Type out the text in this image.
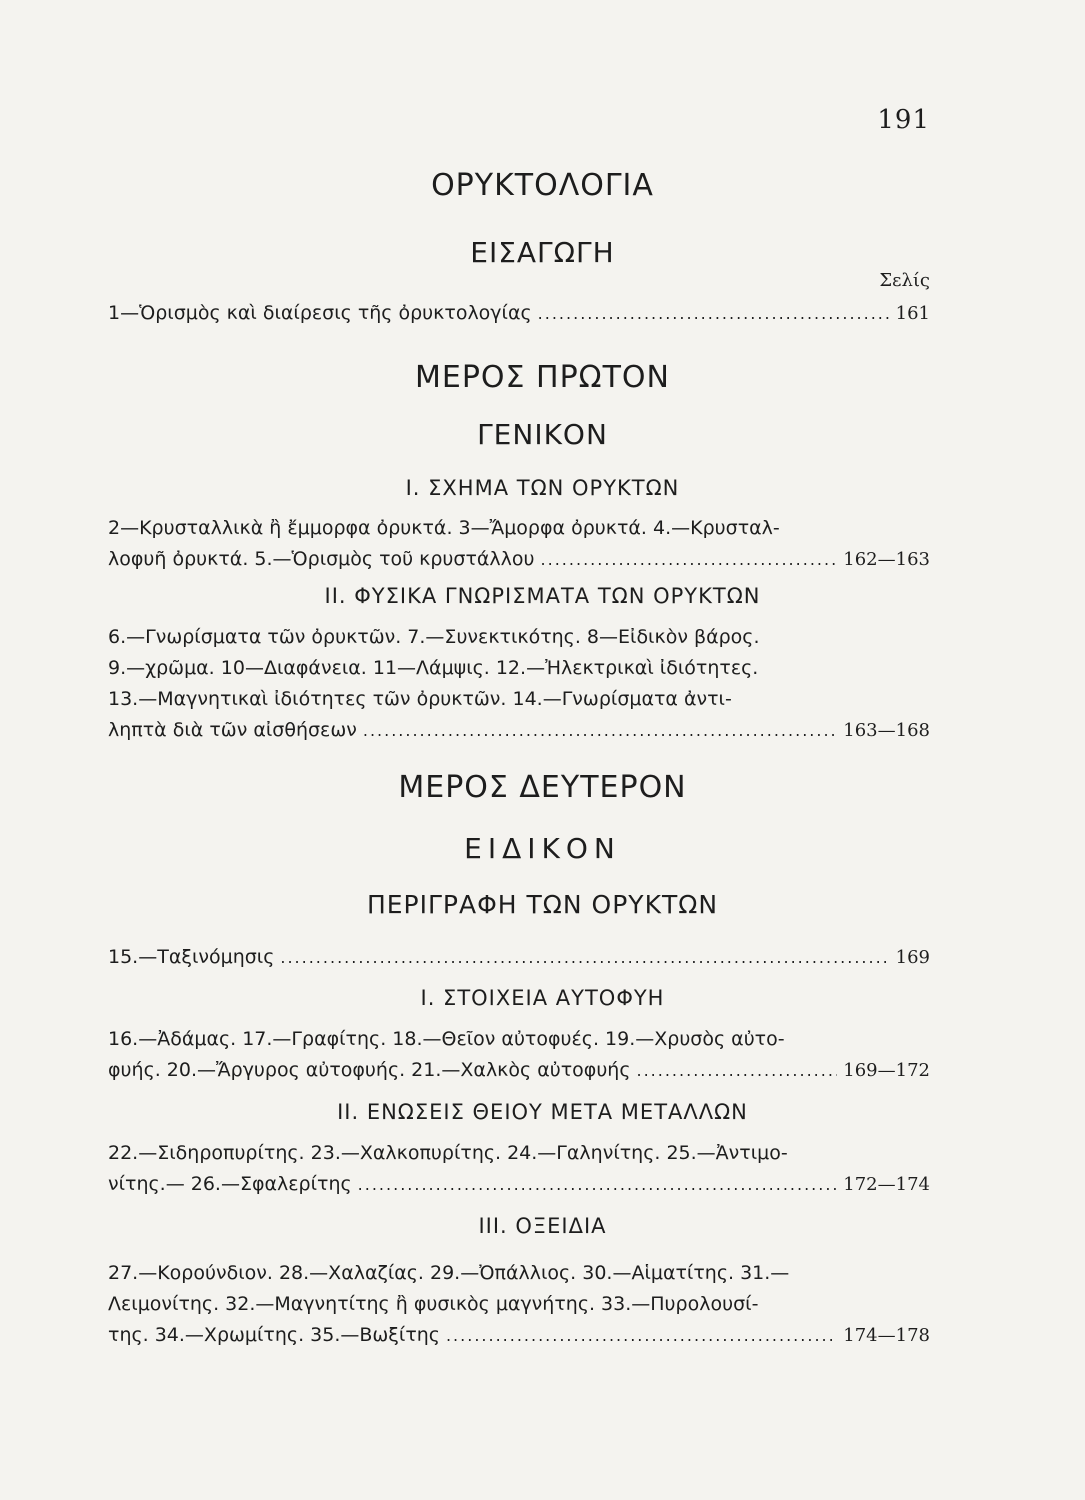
191
ΟΡΥΚΤΟΛΟΓΙΑ
ΕΙΣΑΓΩΓΗ
Σελίς
1—Ὁρισμὸς καὶ διαίρεσις τῆς ὀρυκτολογίας .....	161
ΜΕΡΟΣ ΠΡΩΤΟΝ
ΓΕΝΙΚΟΝ
I. ΣΧΗΜΑ ΤΩΝ ΟΡΥΚΤΩΝ
2—Κρυσταλλικὰ ἢ ἔμμορφα ὀρυκτά. 3—Ἄμορφα ὀρυκτά. 4.—Κρυσταλ-
λοφυῆ ὀρυκτά. 5.—Ὁρισμὸς τοῦ κρυστάλλου .....	162—163
II. ΦΥΣΙΚΑ ΓΝΩΡΙΣΜΑΤΑ ΤΩΝ ΟΡΥΚΤΩΝ
6.—Γνωρίσματα τῶν ὀρυκτῶν. 7.—Συνεκτικότης. 8—Εἰδικὸν βάρος.
9.—χρῶμα. 10—Διαφάνεια. 11—Λάμψις. 12.—Ἠλεκτρικαὶ ἰδιότητες.
13.—Μαγνητικαὶ ἰδιότητες τῶν ὀρυκτῶν. 14.—Γνωρίσματα ἀντι-
ληπτὰ διὰ τῶν αἰσθήσεων .....	163—168
ΜΕΡΟΣ ΔΕΥΤΕΡΟΝ
ΕΙΔΙΚΟΝ
ΠΕΡΙΓΡΑΦΗ ΤΩΝ ΟΡΥΚΤΩΝ
15.—Ταξινόμησις .....	169
I. ΣΤΟΙΧΕΙΑ ΑΥΤΟΦΥΗ
16.—Ἀδάμας. 17.—Γραφίτης. 18.—Θεῖον αὐτοφυές. 19.—Χρυσὸς αὐτο-
φυής. 20.—Ἄργυρος αὐτοφυής. 21.—Χαλκὸς αὐτοφυής .....	169—172
II. ΕΝΩΣΕΙΣ ΘΕΙΟΥ ΜΕΤΑ ΜΕΤΑΛΛΩΝ
22.—Σιδηροπυρίτης. 23.—Χαλκοπυρίτης. 24.—Γαληνίτης. 25.—Ἀντιμο-
νίτης.— 26.—Σφαλερίτης .....	172—174
III. ΟΞΕΙΔΙΑ
27.—Κορούνδιον. 28.—Χαλαζίας. 29.—Ὀπάλλιος. 30.—Αἱματίτης. 31.—
Λειμονίτης. 32.—Μαγνητίτης ἢ φυσικὸς μαγνήτης. 33.—Πυρολουσί-
της. 34.—Χρωμίτης. 35.—Βωξίτης .....	174—178
